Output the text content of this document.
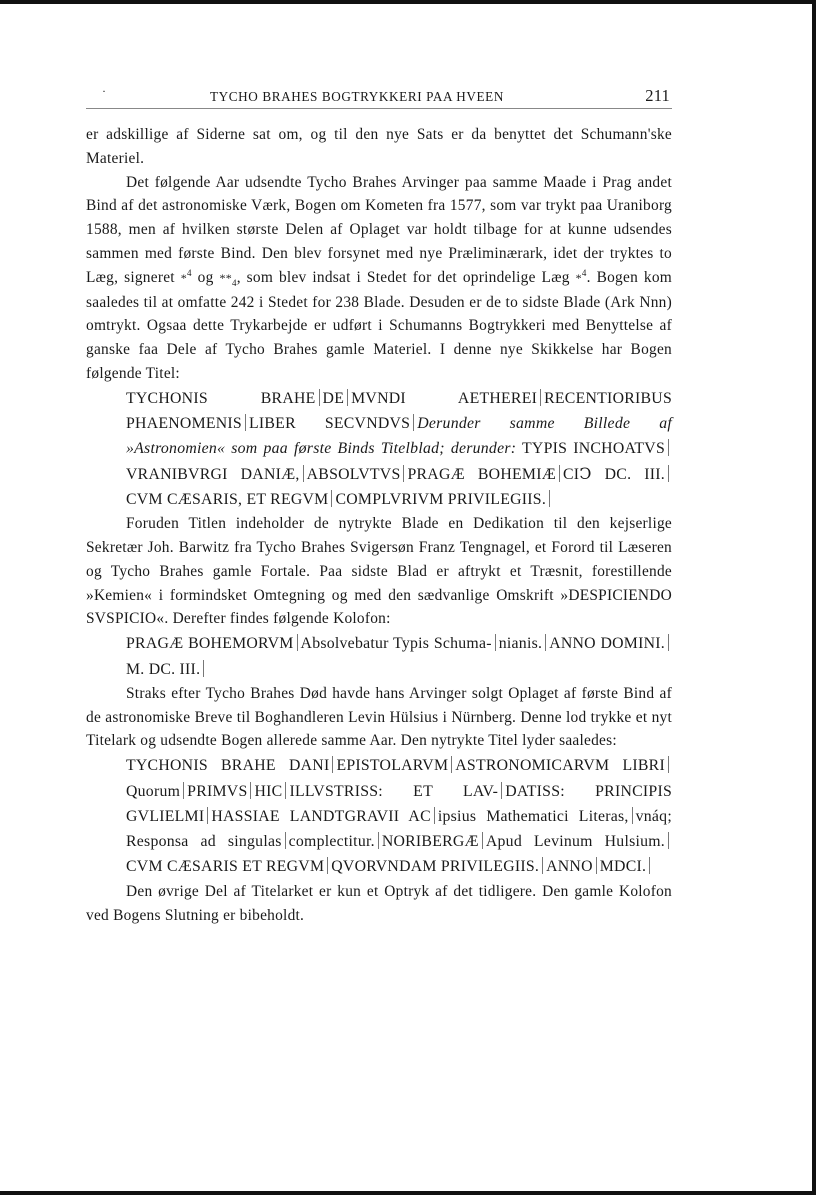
·	TYCHO BRAHES BOGTRYKKERI PAA HVEEN	211

er adskillige af Siderne sat om, og til den nye Sats er da benyttet det Schumann'ske Materiel.

Det følgende Aar udsendte Tycho Brahes Arvinger paa samme Maade i Prag andet Bind af det astronomiske Værk, Bogen om Kometen fra 1577, som var trykt paa Uraniborg 1588, men af hvilken største Delen af Oplaget var holdt tilbage for at kunne udsendes sammen med første Bind. Den blev forsynet med nye Præliminærark, idet der tryktes to Læg, signeret *$^4$ og $**_4$, som blev indsat i Stedet for det oprindelige Læg *$^4$. Bogen kom saaledes til at omfatte 242 i Stedet for 238 Blade. Desuden er de to sidste Blade (Ark Nnn) omtrykt. Ogsaa dette Trykarbejde er udført i Schumanns Bogtrykkeri med Benyttelse af ganske faa Dele af Tycho Brahes gamle Materiel. I denne nye Skikkelse har Bogen følgende Titel:

TYCHONIS BRAHE DE MVNDI AETHEREI RECENTIORIBUS PHAENOMENIS LIBER SECVNDVS Derunder samme Billede af »Astronomien« som paa første Binds Titelblad; derunder: TYPIS INCHOATVSVRANIBVRGI DANIÆ, ABSOLVTVS PRAGÆ BOHEMIÆ CIↃ DC. III.CVM CÆSARIS, ET REGVM COMPLVRIVM PRIVILEGIIS.

Foruden Titlen indeholder de nytrykte Blade en Dedikation til den kejserlige Sekretær Joh. Barwitz fra Tycho Brahes Svigersøn Franz Tengnagel, et Forord til Læseren og Tycho Brahes gamle Fortale. Paa sidste Blad er aftrykt et Træsnit, forestillende »Kemien« i formindsket Omtegning og med den sædvanlige Omskrift »DESPICIENDO SVSPICIO«. Derefter findes følgende Kolofon:

PRAGÆ BOHEMORVM Absolvebatur Typis Schuma- nianis. ANNO DOMINI.M. DC. III.

Straks efter Tycho Brahes Død havde hans Arvinger solgt Oplaget af første Bind af de astronomiske Breve til Boghandleren Levin Hülsius i Nürnberg. Denne lod trykke et nyt Titelark og udsendte Bogen allerede samme Aar. Den nytrykte Titel lyder saaledes:

TYCHONIS BRAHE DANI EPISTOLARVM ASTRONOMICARVM LIBRIQuorum PRIMVS HIC ILLVSTRISS: ET LAV- DATISS: PRINCIPIS GVLIELMI HASSIAE LANDTGRAVII AC ipsius Mathematici Literas, vnáq; Responsa ad singulas complectitur. NORIBERGÆ Apud Levinum Hulsium.CVM CÆSARIS ET REGVM QVORVNDAM PRIVILEGIIS. ANNO MDCI.

Den øvrige Del af Titelarket er kun et Optryk af det tidligere. Den gamle Kolofon ved Bogens Slutning er bibeholdt.
